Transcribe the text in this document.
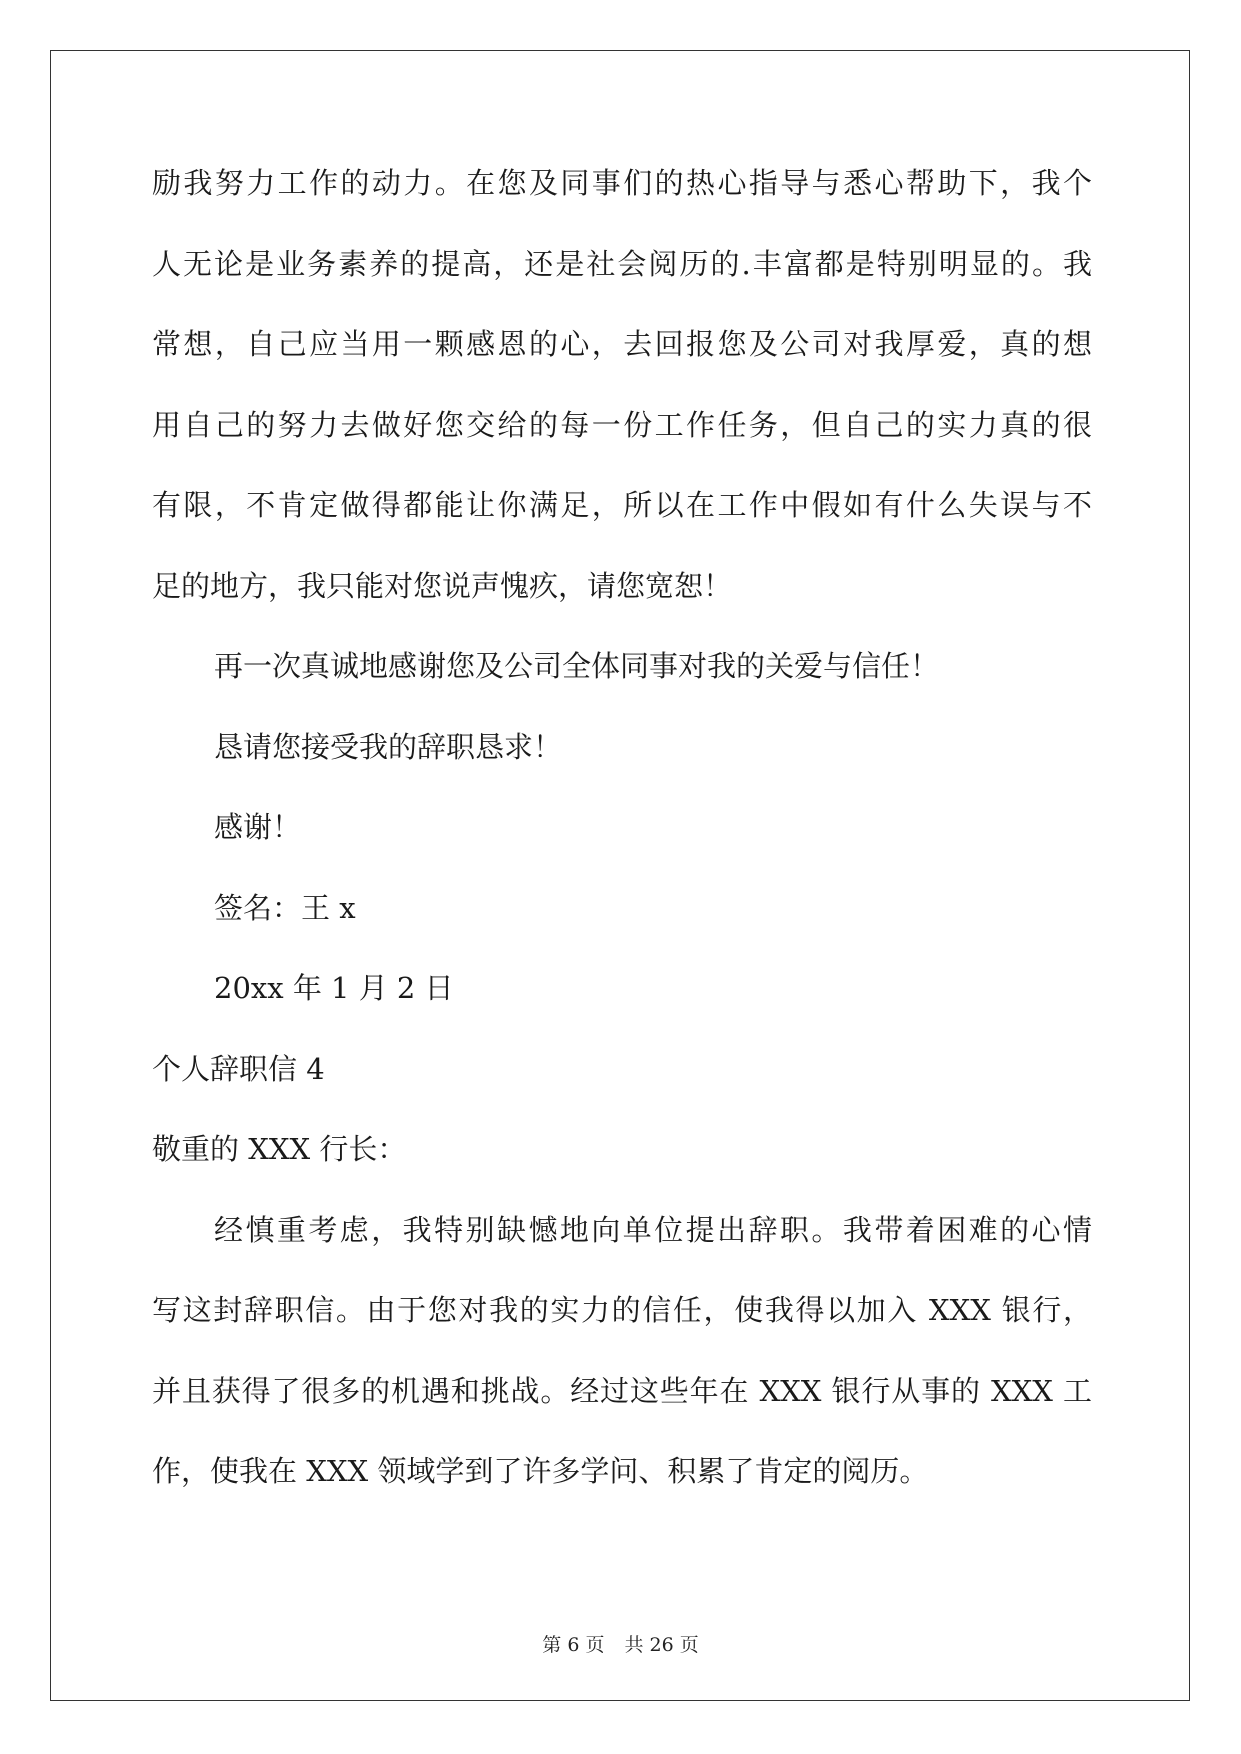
励我努力工作的动力。在您及同事们的热心指导与悉心帮助下，我个
人无论是业务素养的提高，还是社会阅历的.丰富都是特别明显的。我
常想，自己应当用一颗感恩的心，去回报您及公司对我厚爱，真的想
用自己的努力去做好您交给的每一份工作任务，但自己的实力真的很
有限，不肯定做得都能让你满足，所以在工作中假如有什么失误与不
足的地方，我只能对您说声愧疚，请您宽恕！
再一次真诚地感谢您及公司全体同事对我的关爱与信任！
恳请您接受我的辞职恳求！
感谢！
签名：王 x
20xx 年 1 月 2 日
个人辞职信 4
敬重的 XXX 行长：
经慎重考虑，我特别缺憾地向单位提出辞职。我带着困难的心情
写这封辞职信。由于您对我的实力的信任，使我得以加入 XXX 银行，
并且获得了很多的机遇和挑战。经过这些年在 XXX 银行从事的 XXX 工
作，使我在 XXX 领域学到了许多学问、积累了肯定的阅历。
第 6 页 共 26 页
